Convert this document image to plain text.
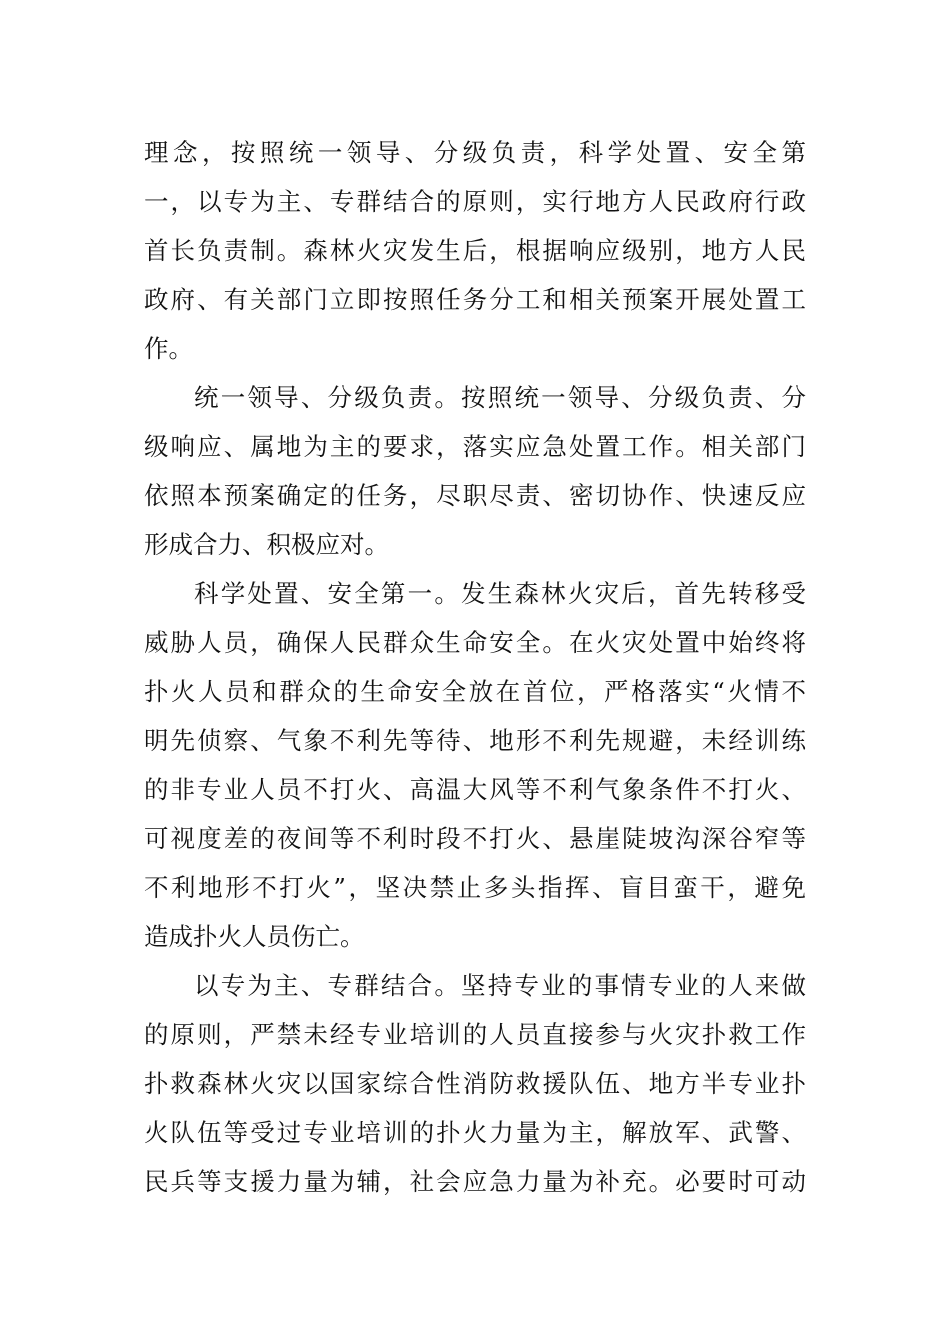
理念，按照统一领导、分级负责，科学处置、安全第
一，以专为主、专群结合的原则，实行地方人民政府行政
首长负责制。森林火灾发生后，根据响应级别，地方人民
政府、有关部门立即按照任务分工和相关预案开展处置工
作。
统一领导、分级负责。按照统一领导、分级负责、分
级响应、属地为主的要求，落实应急处置工作。相关部门
依照本预案确定的任务，尽职尽责、密切协作、快速反应
形成合力、积极应对。
科学处置、安全第一。发生森林火灾后，首先转移受
威胁人员，确保人民群众生命安全。在火灾处置中始终将
扑火人员和群众的生命安全放在首位，严格落实“火情不
明先侦察、气象不利先等待、地形不利先规避，未经训练
的非专业人员不打火、高温大风等不利气象条件不打火、
可视度差的夜间等不利时段不打火、悬崖陡坡沟深谷窄等
不利地形不打火”，坚决禁止多头指挥、盲目蛮干，避免
造成扑火人员伤亡。
以专为主、专群结合。坚持专业的事情专业的人来做
的原则，严禁未经专业培训的人员直接参与火灾扑救工作
扑救森林火灾以国家综合性消防救援队伍、地方半专业扑
火队伍等受过专业培训的扑火力量为主，解放军、武警、
民兵等支援力量为辅，社会应急力量为补充。必要时可动
